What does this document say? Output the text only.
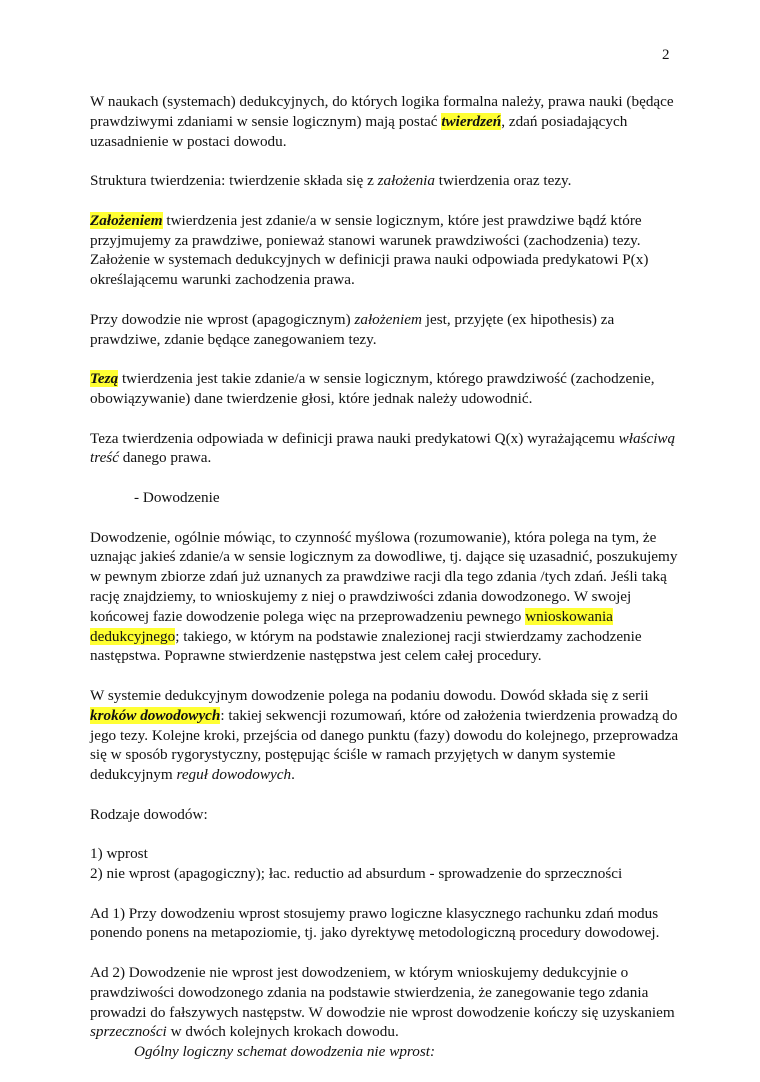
2

W naukach (systemach) dedukcyjnych, do których logika formalna należy, prawa nauki (będące prawdziwymi zdaniami w sensie logicznym) mają postać twierdzeń, zdań posiadających uzasadnienie w postaci dowodu.

Struktura twierdzenia: twierdzenie składa się z założenia twierdzenia oraz tezy.

Założeniem twierdzenia jest zdanie/a w sensie logicznym, które jest prawdziwe bądź które przyjmujemy za prawdziwe, ponieważ stanowi warunek prawdziwości (zachodzenia) tezy. Założenie w systemach dedukcyjnych w definicji prawa nauki odpowiada predykatowi P(x) określającemu warunki zachodzenia prawa.

Przy dowodzie nie wprost (apagogicznym) założeniem jest, przyjęte (ex hipothesis) za prawdziwe, zdanie będące zanegowaniem tezy.

Tezą twierdzenia jest takie zdanie/a w sensie logicznym, którego prawdziwość (zachodzenie, obowiązywanie) dane twierdzenie głosi, które jednak należy udowodnić.

Teza twierdzenia odpowiada w definicji prawa nauki predykatowi Q(x) wyrażającemu właściwą treść danego prawa.

- Dowodzenie

Dowodzenie, ogólnie mówiąc, to czynność myślowa (rozumowanie), która polega na tym, że uznając jakieś zdanie/a w sensie logicznym za dowodliwe, tj. dające się uzasadnić, poszukujemy w pewnym zbiorze zdań już uznanych za prawdziwe racji dla tego zdania /tych zdań. Jeśli taką rację znajdziemy, to wnioskujemy z niej o prawdziwości zdania dowodzonego. W swojej końcowej fazie dowodzenie polega więc na przeprowadzeniu pewnego wnioskowania dedukcyjnego; takiego, w którym na podstawie znalezionej racji stwierdzamy zachodzenie następstwa. Poprawne stwierdzenie następstwa jest celem całej procedury.

W systemie dedukcyjnym dowodzenie polega na podaniu dowodu. Dowód składa się z serii kroków dowodowych: takiej sekwencji rozumowań, które od założenia twierdzenia prowadzą do jego tezy. Kolejne kroki, przejścia od danego punktu (fazy) dowodu do kolejnego, przeprowadza się w sposób rygorystyczny, postępując ściśle w ramach przyjętych w danym systemie dedukcyjnym reguł dowodowych.

Rodzaje dowodów:

1) wprost

2) nie wprost (apagogiczny); łac. reductio ad absurdum - sprowadzenie do sprzeczności

Ad 1) Przy dowodzeniu wprost stosujemy prawo logiczne klasycznego rachunku zdań modus ponendo ponens na metapoziomie, tj. jako dyrektywę metodologiczną procedury dowodowej.

Ad 2) Dowodzenie nie wprost jest dowodzeniem, w którym wnioskujemy dedukcyjnie o prawdziwości dowodzonego zdania na podstawie stwierdzenia, że zanegowanie tego zdania prowadzi do fałszywych następstw. W dowodzie nie wprost dowodzenie kończy się uzyskaniem sprzeczności w dwóch kolejnych krokach dowodu.

Ogólny logiczny schemat dowodzenia nie wprost:
